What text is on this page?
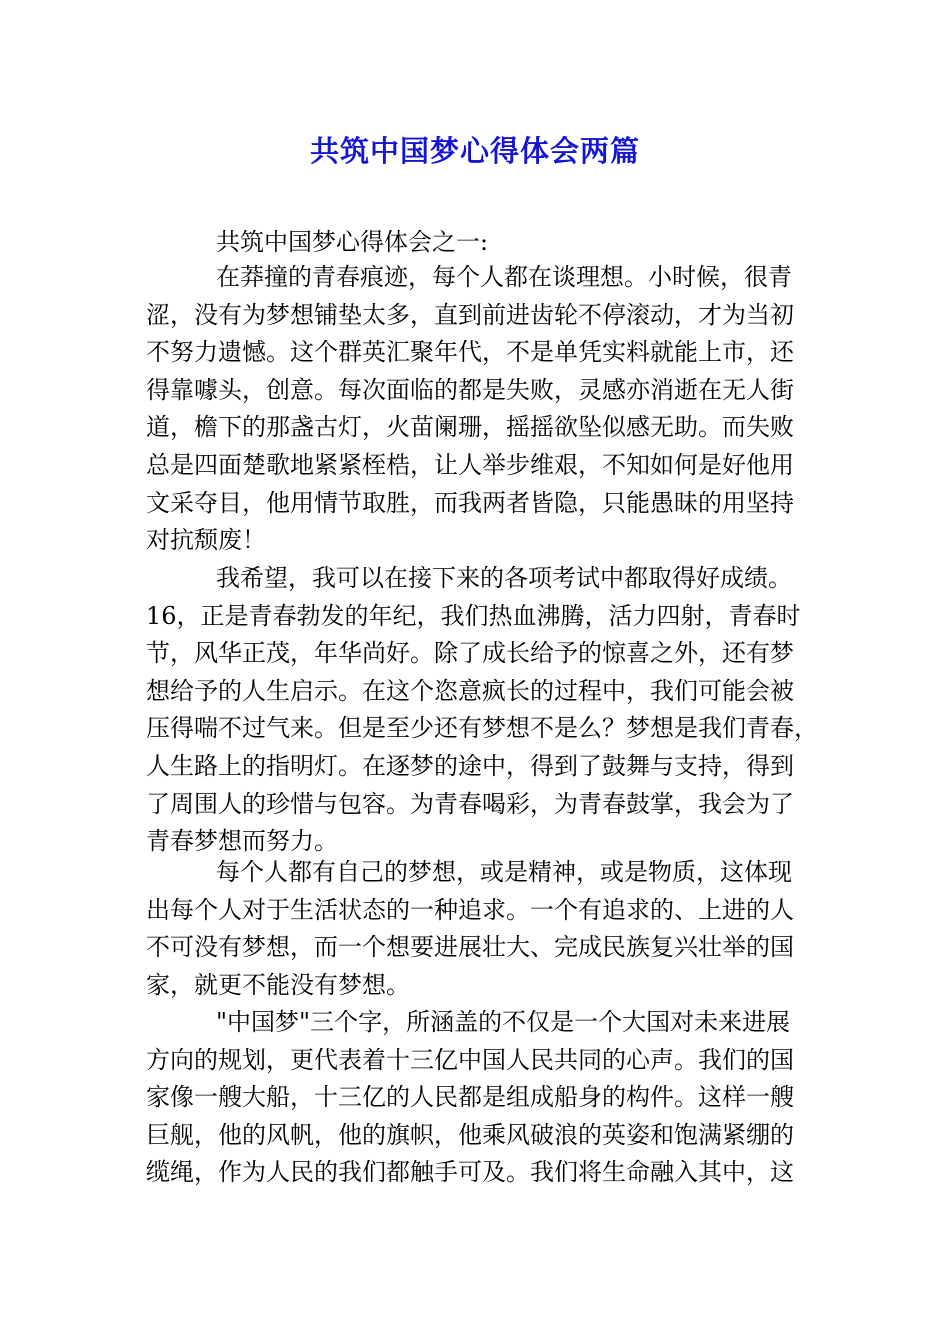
共筑中国梦心得体会两篇

共筑中国梦心得体会之一:

在莽撞的青春痕迹，每个人都在谈理想。小时候，很青
涩，没有为梦想铺垫太多，直到前进齿轮不停滚动，才为当初
不努力遗憾。这个群英汇聚年代，不是单凭实料就能上市，还
得靠噱头，创意。每次面临的都是失败，灵感亦消逝在无人街
道，檐下的那盏古灯，火苗阑珊，摇摇欲坠似感无助。而失败
总是四面楚歌地紧紧桎梏，让人举步维艰，不知如何是好他用
文采夺目，他用情节取胜，而我两者皆隐，只能愚昧的用坚持
对抗颓废！
我希望，我可以在接下来的各项考试中都取得好成绩。
16，正是青春勃发的年纪，我们热血沸腾，活力四射，青春时
节，风华正茂，年华尚好。除了成长给予的惊喜之外，还有梦
想给予的人生启示。在这个恣意疯长的过程中，我们可能会被
压得喘不过气来。但是至少还有梦想不是么？梦想是我们青春，
人生路上的指明灯。在逐梦的途中，得到了鼓舞与支持，得到
了周围人的珍惜与包容。为青春喝彩，为青春鼓掌，我会为了
青春梦想而努力。
每个人都有自己的梦想，或是精神，或是物质，这体现
出每个人对于生活状态的一种追求。一个有追求的、上进的人
不可没有梦想，而一个想要进展壮大、完成民族复兴壮举的国
家，就更不能没有梦想。
"中国梦"三个字，所涵盖的不仅是一个大国对未来进展
方向的规划，更代表着十三亿中国人民共同的心声。我们的国
家像一艘大船，十三亿的人民都是组成船身的构件。这样一艘
巨舰，他的风帆，他的旗帜，他乘风破浪的英姿和饱满紧绷的
缆绳，作为人民的我们都触手可及。我们将生命融入其中，这
